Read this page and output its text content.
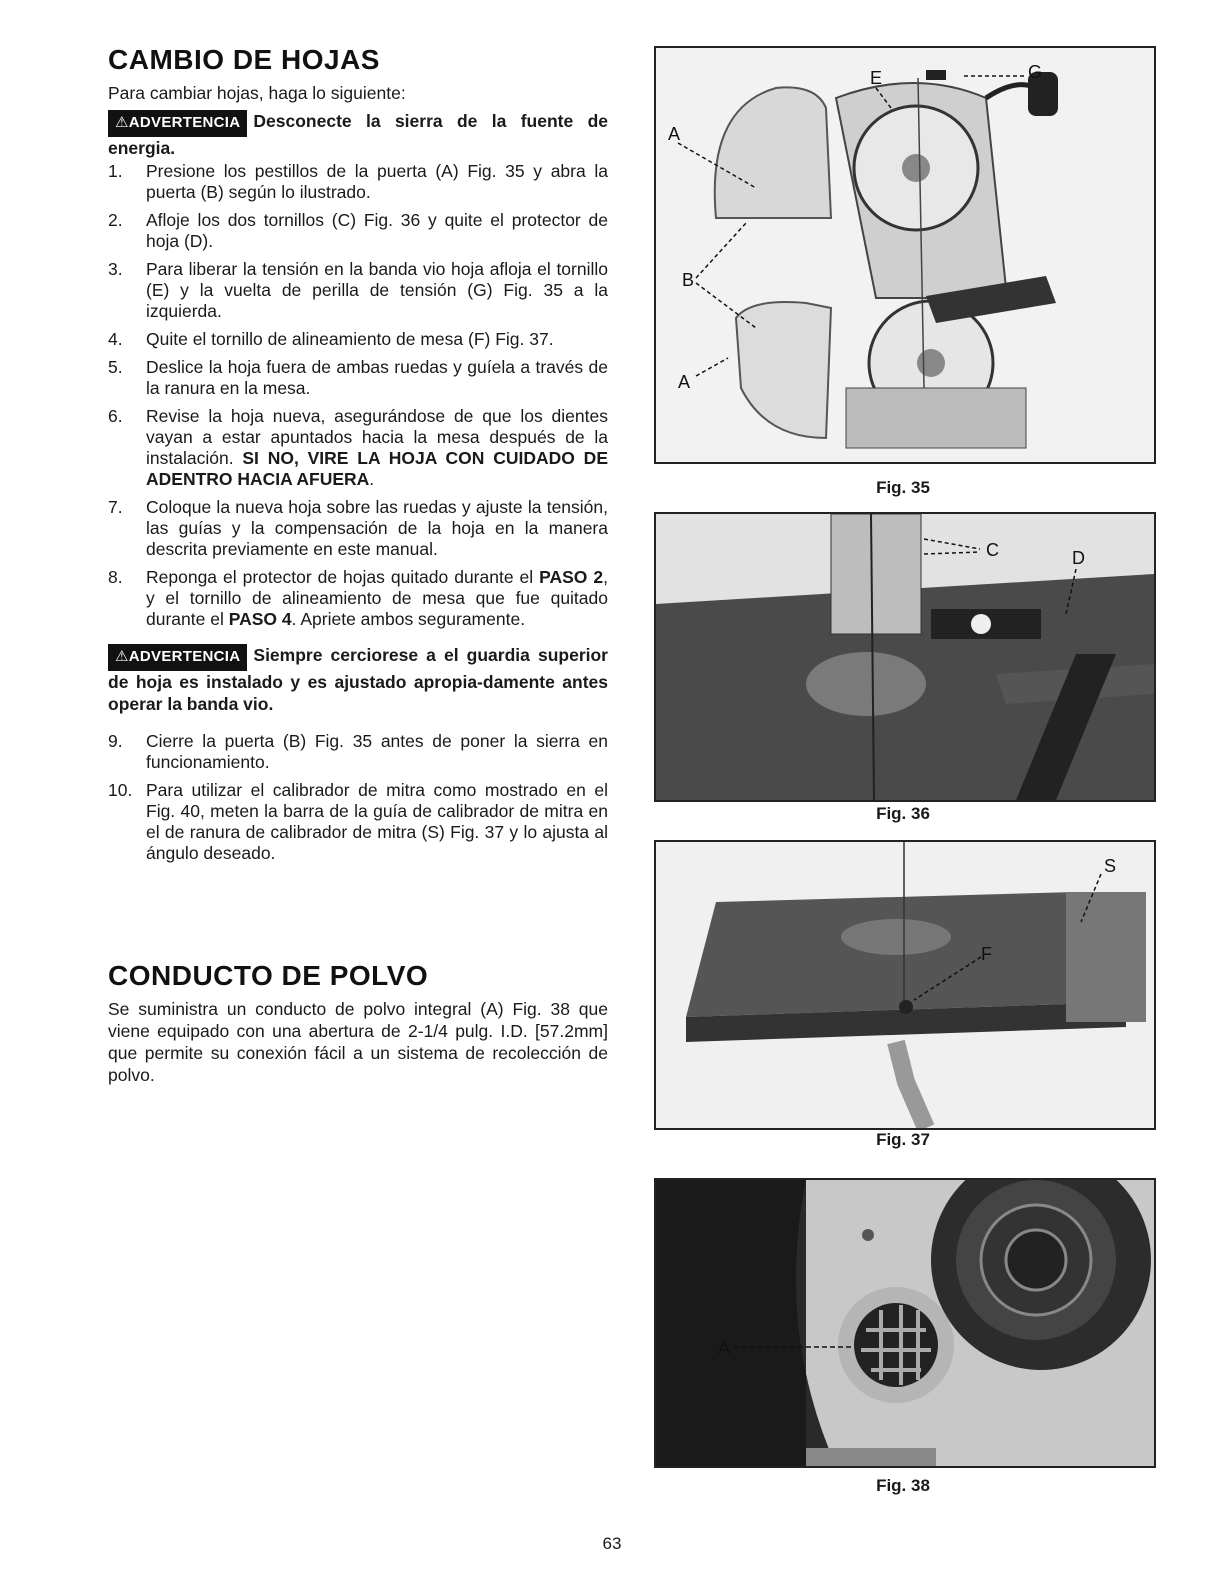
CAMBIO DE HOJAS

Para cambiar hojas, haga lo siguiente:

⚠ADVERTENCIA Desconecte la sierra de la fuente de energia.

1.	Presione los pestillos de la puerta (A) Fig. 35 y abra la puerta (B) según lo ilustrado.
2.	Afloje los dos tornillos (C) Fig. 36 y quite el protector de hoja (D).
3.	Para liberar la tensión en la banda vio hoja afloja el tornillo (E) y la vuelta de perilla de tensión (G) Fig. 35 a la izquierda.
4.	Quite el tornillo de alineamiento de mesa (F) Fig. 37.
5.	Deslice la hoja fuera de ambas ruedas y guíela a través de la ranura en la mesa.
6.	Revise la hoja nueva, asegurándose de que los dientes vayan a estar apuntados hacia la mesa después de la instalación. SI NO, VIRE LA HOJA CON CUIDADO DE ADENTRO HACIA AFUERA.
7.	Coloque la nueva hoja sobre las ruedas y ajuste la tensión, las guías y la compensación de la hoja en la manera descrita previamente en este manual.
8.	Reponga el protector de hojas quitado durante el PASO 2, y el tornillo de alineamiento de mesa que fue quitado durante el PASO 4. Apriete ambos seguramente.

⚠ADVERTENCIA Siempre cerciorese a el guardia superior de hoja es instalado y es ajustado apropia-damente antes operar la banda vio.

9.	Cierre la puerta (B) Fig. 35 antes de poner la sierra en funcionamiento.
10. Para utilizar el calibrador de mitra como mostrado en el Fig. 40, meten la barra de la guía de calibrador de mitra en el de ranura de calibrador de mitra (S) Fig. 37 y lo ajusta al ángulo deseado.
CONDUCTO DE POLVO

Se suministra un conducto de polvo integral (A) Fig. 38 que viene equipado con una abertura de 2-1/4 pulg. I.D. [57.2mm] que permite su conexión fácil a un sistema de recolección de polvo.

E	G
A
B
A
Fig. 35
C	D
Fig. 36
S
F
Fig. 37
A
Fig. 38
63
